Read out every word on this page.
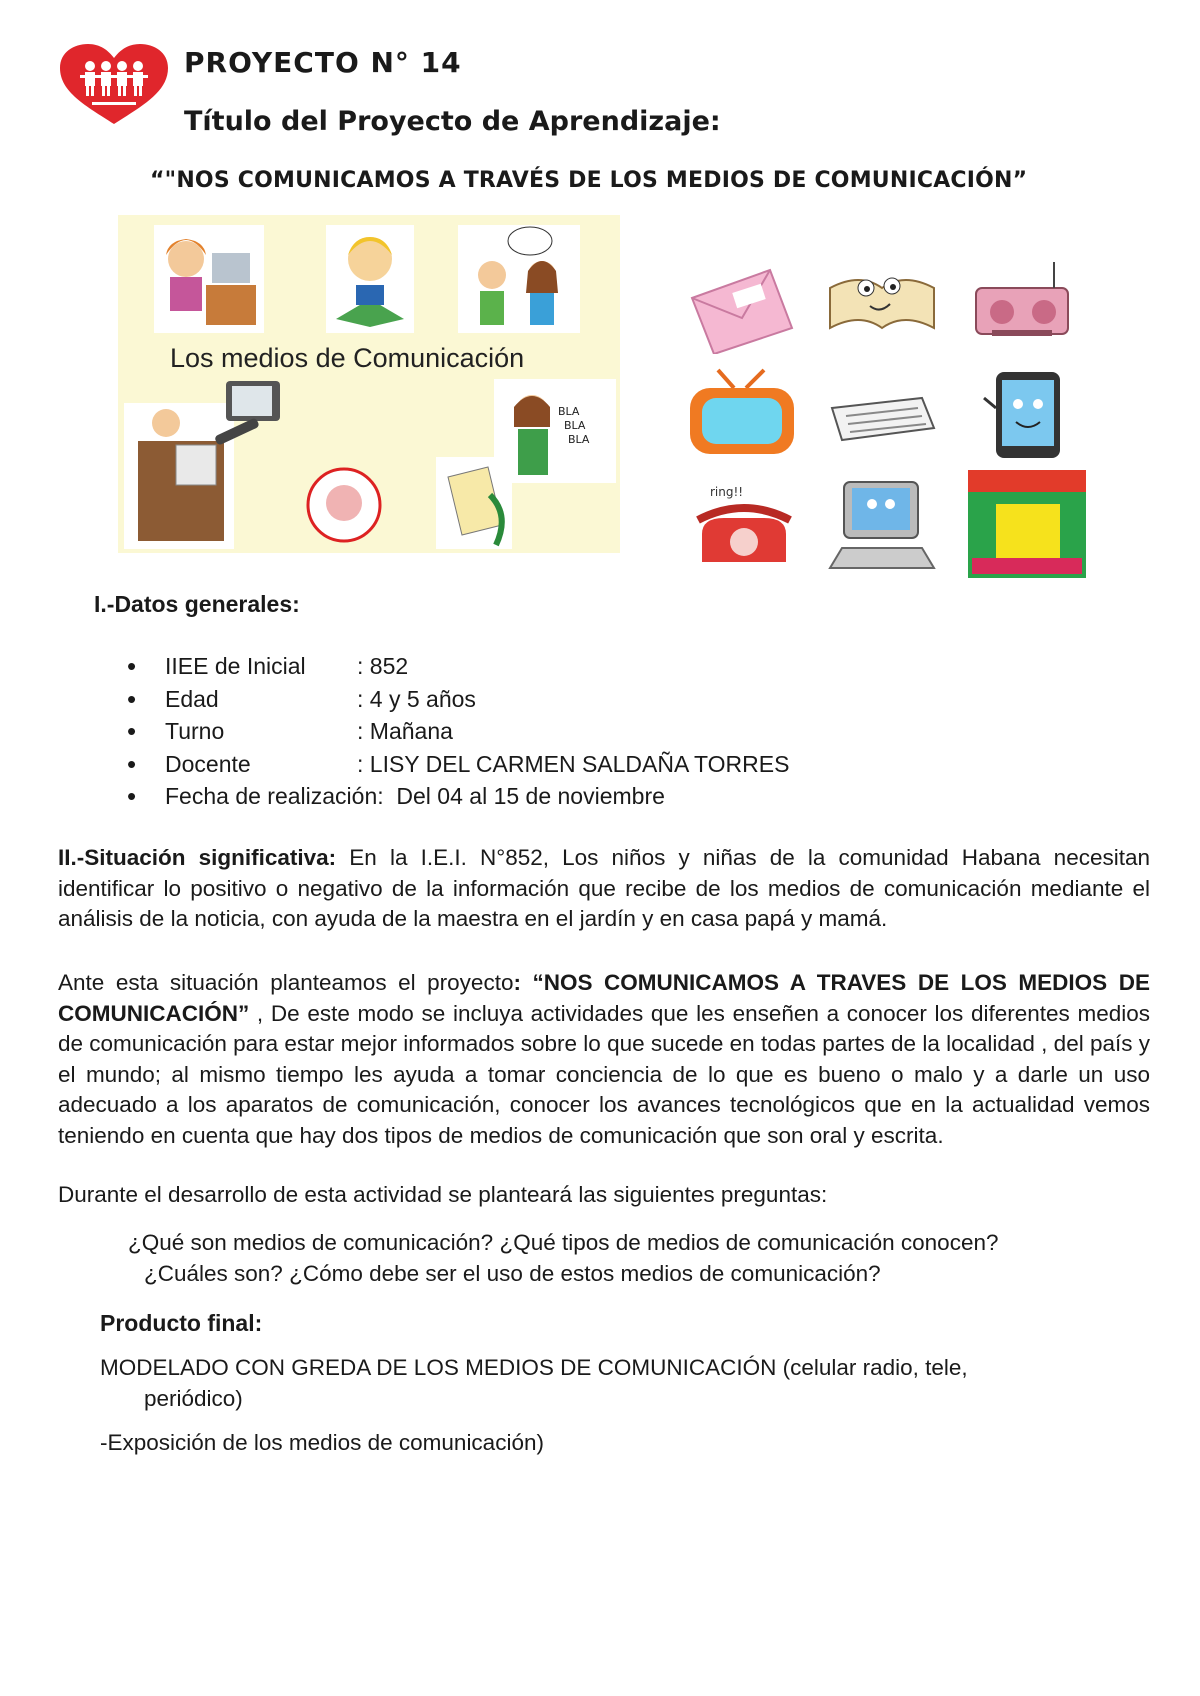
PROYECTO N° 14
Título del Proyecto de Aprendizaje:
“"NOS COMUNICAMOS A TRAVÉS DE LOS MEDIOS DE COMUNICACIÓN”
BLA
BLA
BLA
Los medios de Comunicación
ring!!
I.-Datos generales:
• IIEE de Inicial : 852
• Edad	: 4 y 5 años
• Turno	: Mañana
• Docente	: LISY DEL CARMEN SALDAÑA TORRES
• Fecha de realización: Del 04 al 15 de noviembre
II.-Situación significativa: En la I.E.I. N°852, Los niños y niñas de la comunidad Habana necesitan identificar lo positivo o negativo de la información que recibe de los medios de comunicación mediante el análisis de la noticia, con ayuda de la maestra en el jardín y en casa papá y mamá.
Ante esta situación planteamos el proyecto: “NOS COMUNICAMOS A TRAVES DE LOS MEDIOS DE COMUNICACIÓN” , De este modo se incluya actividades que les enseñen a conocer los diferentes medios de comunicación para estar mejor informados sobre lo que sucede en todas partes de la localidad , del país y el mundo; al mismo tiempo les ayuda a tomar conciencia de lo que es bueno o malo y a darle un uso adecuado a los aparatos de comunicación, conocer los avances tecnológicos que en la actualidad vemos teniendo en cuenta que hay dos tipos de medios de comunicación que son oral y escrita.
Durante el desarrollo de esta actividad se planteará las siguientes preguntas:
¿Qué son medios de comunicación? ¿Qué tipos de medios de comunicación conocen?
¿Cuáles son? ¿Cómo debe ser el uso de estos medios de comunicación?
Producto final:
MODELADO CON GREDA DE LOS MEDIOS DE COMUNICACIÓN (celular radio, tele,
periódico)
-Exposición de los medios de comunicación)
